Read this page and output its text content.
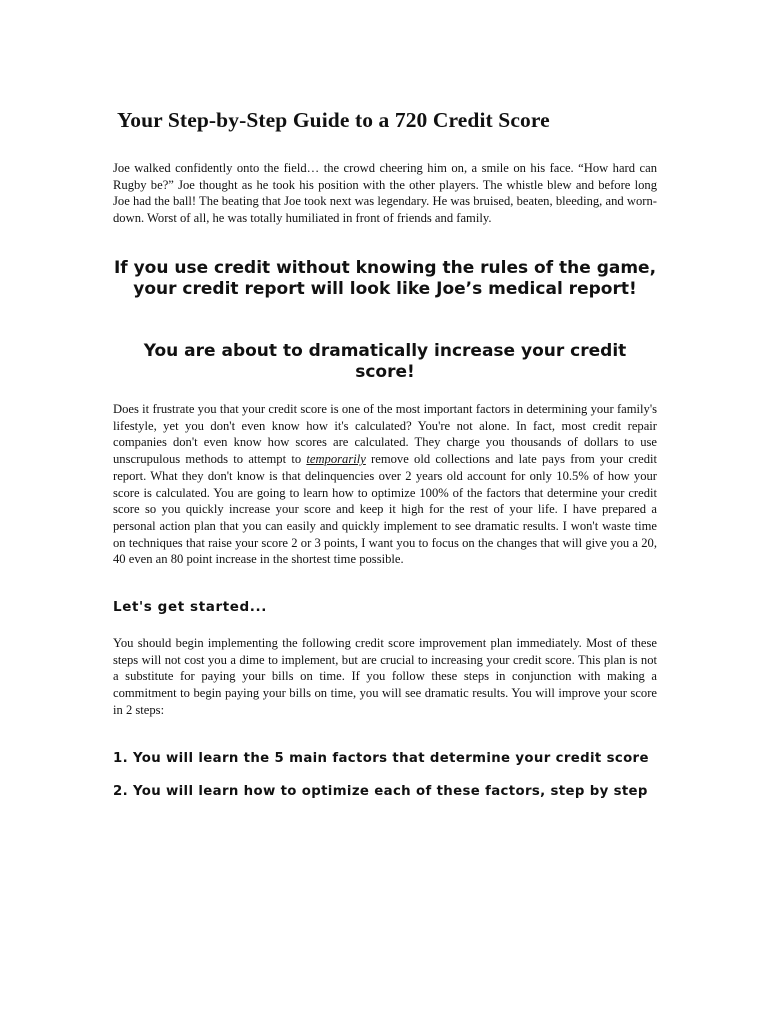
Your Step-by-Step Guide to a 720 Credit Score

Joe walked confidently onto the field… the crowd cheering him on, a smile on his face. “How hard can Rugby be?” Joe thought as he took his position with the other players. The whistle blew and before long Joe had the ball! The beating that Joe took next was legendary. He was bruised, beaten, bleeding, and worn-down. Worst of all, he was totally humiliated in front of friends and family.

If you use credit without knowing the rules of the game, your credit report will look like Joe’s medical report!

You are about to dramatically increase your credit score!

Does it frustrate you that your credit score is one of the most important factors in determining your family's lifestyle, yet you don't even know how it's calculated? You're not alone. In fact, most credit repair companies don't even know how scores are calculated. They charge you thousands of dollars to use unscrupulous methods to attempt to temporarily remove old collections and late pays from your credit report. What they don't know is that delinquencies over 2 years old account for only 10.5% of how your score is calculated. You are going to learn how to optimize 100% of the factors that determine your credit score so you quickly increase your score and keep it high for the rest of your life. I have prepared a personal action plan that you can easily and quickly implement to see dramatic results. I won't waste time on techniques that raise your score 2 or 3 points, I want you to focus on the changes that will give you a 20, 40 even an 80 point increase in the shortest time possible.

Let's get started...

You should begin implementing the following credit score improvement plan immediately. Most of these steps will not cost you a dime to implement, but are crucial to increasing your credit score. This plan is not a substitute for paying your bills on time. If you follow these steps in conjunction with making a commitment to begin paying your bills on time, you will see dramatic results. You will improve your score in 2 steps:

1. You will learn the 5 main factors that determine your credit score
2. You will learn how to optimize each of these factors, step by step
